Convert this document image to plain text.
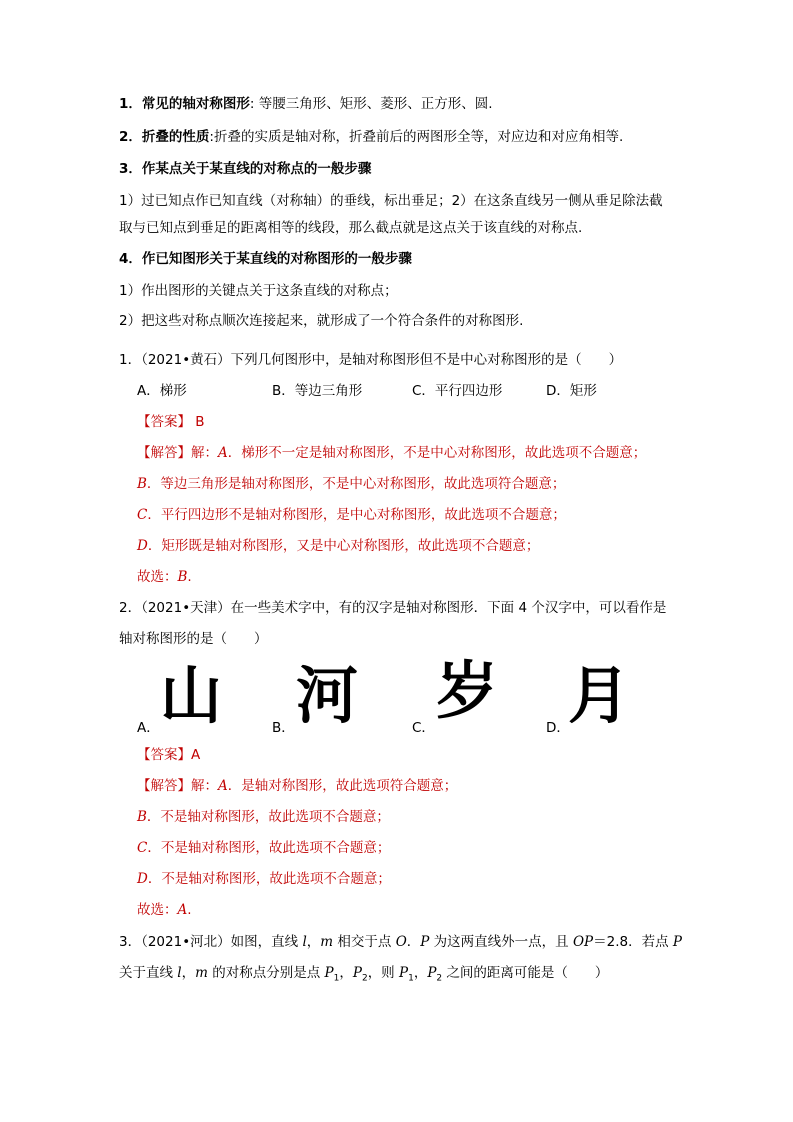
1．常见的轴对称图形: 等腰三角形、矩形、菱形、正方形、圆.
2．折叠的性质:折叠的实质是轴对称，折叠前后的两图形全等，对应边和对应角相等.
3．作某点关于某直线的对称点的一般步骤
1）过已知点作已知直线（对称轴）的垂线，标出垂足；2）在这条直线另一侧从垂足除法截
取与已知点到垂足的距离相等的线段，那么截点就是这点关于该直线的对称点.
4．作已知图形关于某直线的对称图形的一般步骤
1）作出图形的关键点关于这条直线的对称点；
2）把这些对称点顺次连接起来，就形成了一个符合条件的对称图形.
1．（2021•黄石）下列几何图形中，是轴对称图形但不是中心对称图形的是（　　）
A．梯形	B．等边三角形	C．平行四边形	D．矩形
【答案】 B
【解答】解：A．梯形不一定是轴对称图形，不是中心对称图形，故此选项不合题意；
B．等边三角形是轴对称图形，不是中心对称图形，故此选项符合题意；
C．平行四边形不是轴对称图形，是中心对称图形，故此选项不合题意；
D．矩形既是轴对称图形，又是中心对称图形，故此选项不合题意；
故选：B.
2．（2021•天津）在一些美术字中，有的汉字是轴对称图形．下面 4 个汉字中，可以看作是
轴对称图形的是（　　）
A． 山	B． 河	C．
岁
D．
月
【答案】A
【解答】解：A．是轴对称图形，故此选项符合题意；
B．不是轴对称图形，故此选项不合题意；
C．不是轴对称图形，故此选项不合题意；
D．不是轴对称图形，故此选项不合题意；
故选：A.
3．（2021•河北）如图，直线 l，m 相交于点 O．P 为这两直线外一点，且 OP＝2.8．若点 P
关于直线 l，m 的对称点分别是点 $P_1$，$P_2$，则 $P_1$，$P_2$ 之间的距离可能是（　　）
